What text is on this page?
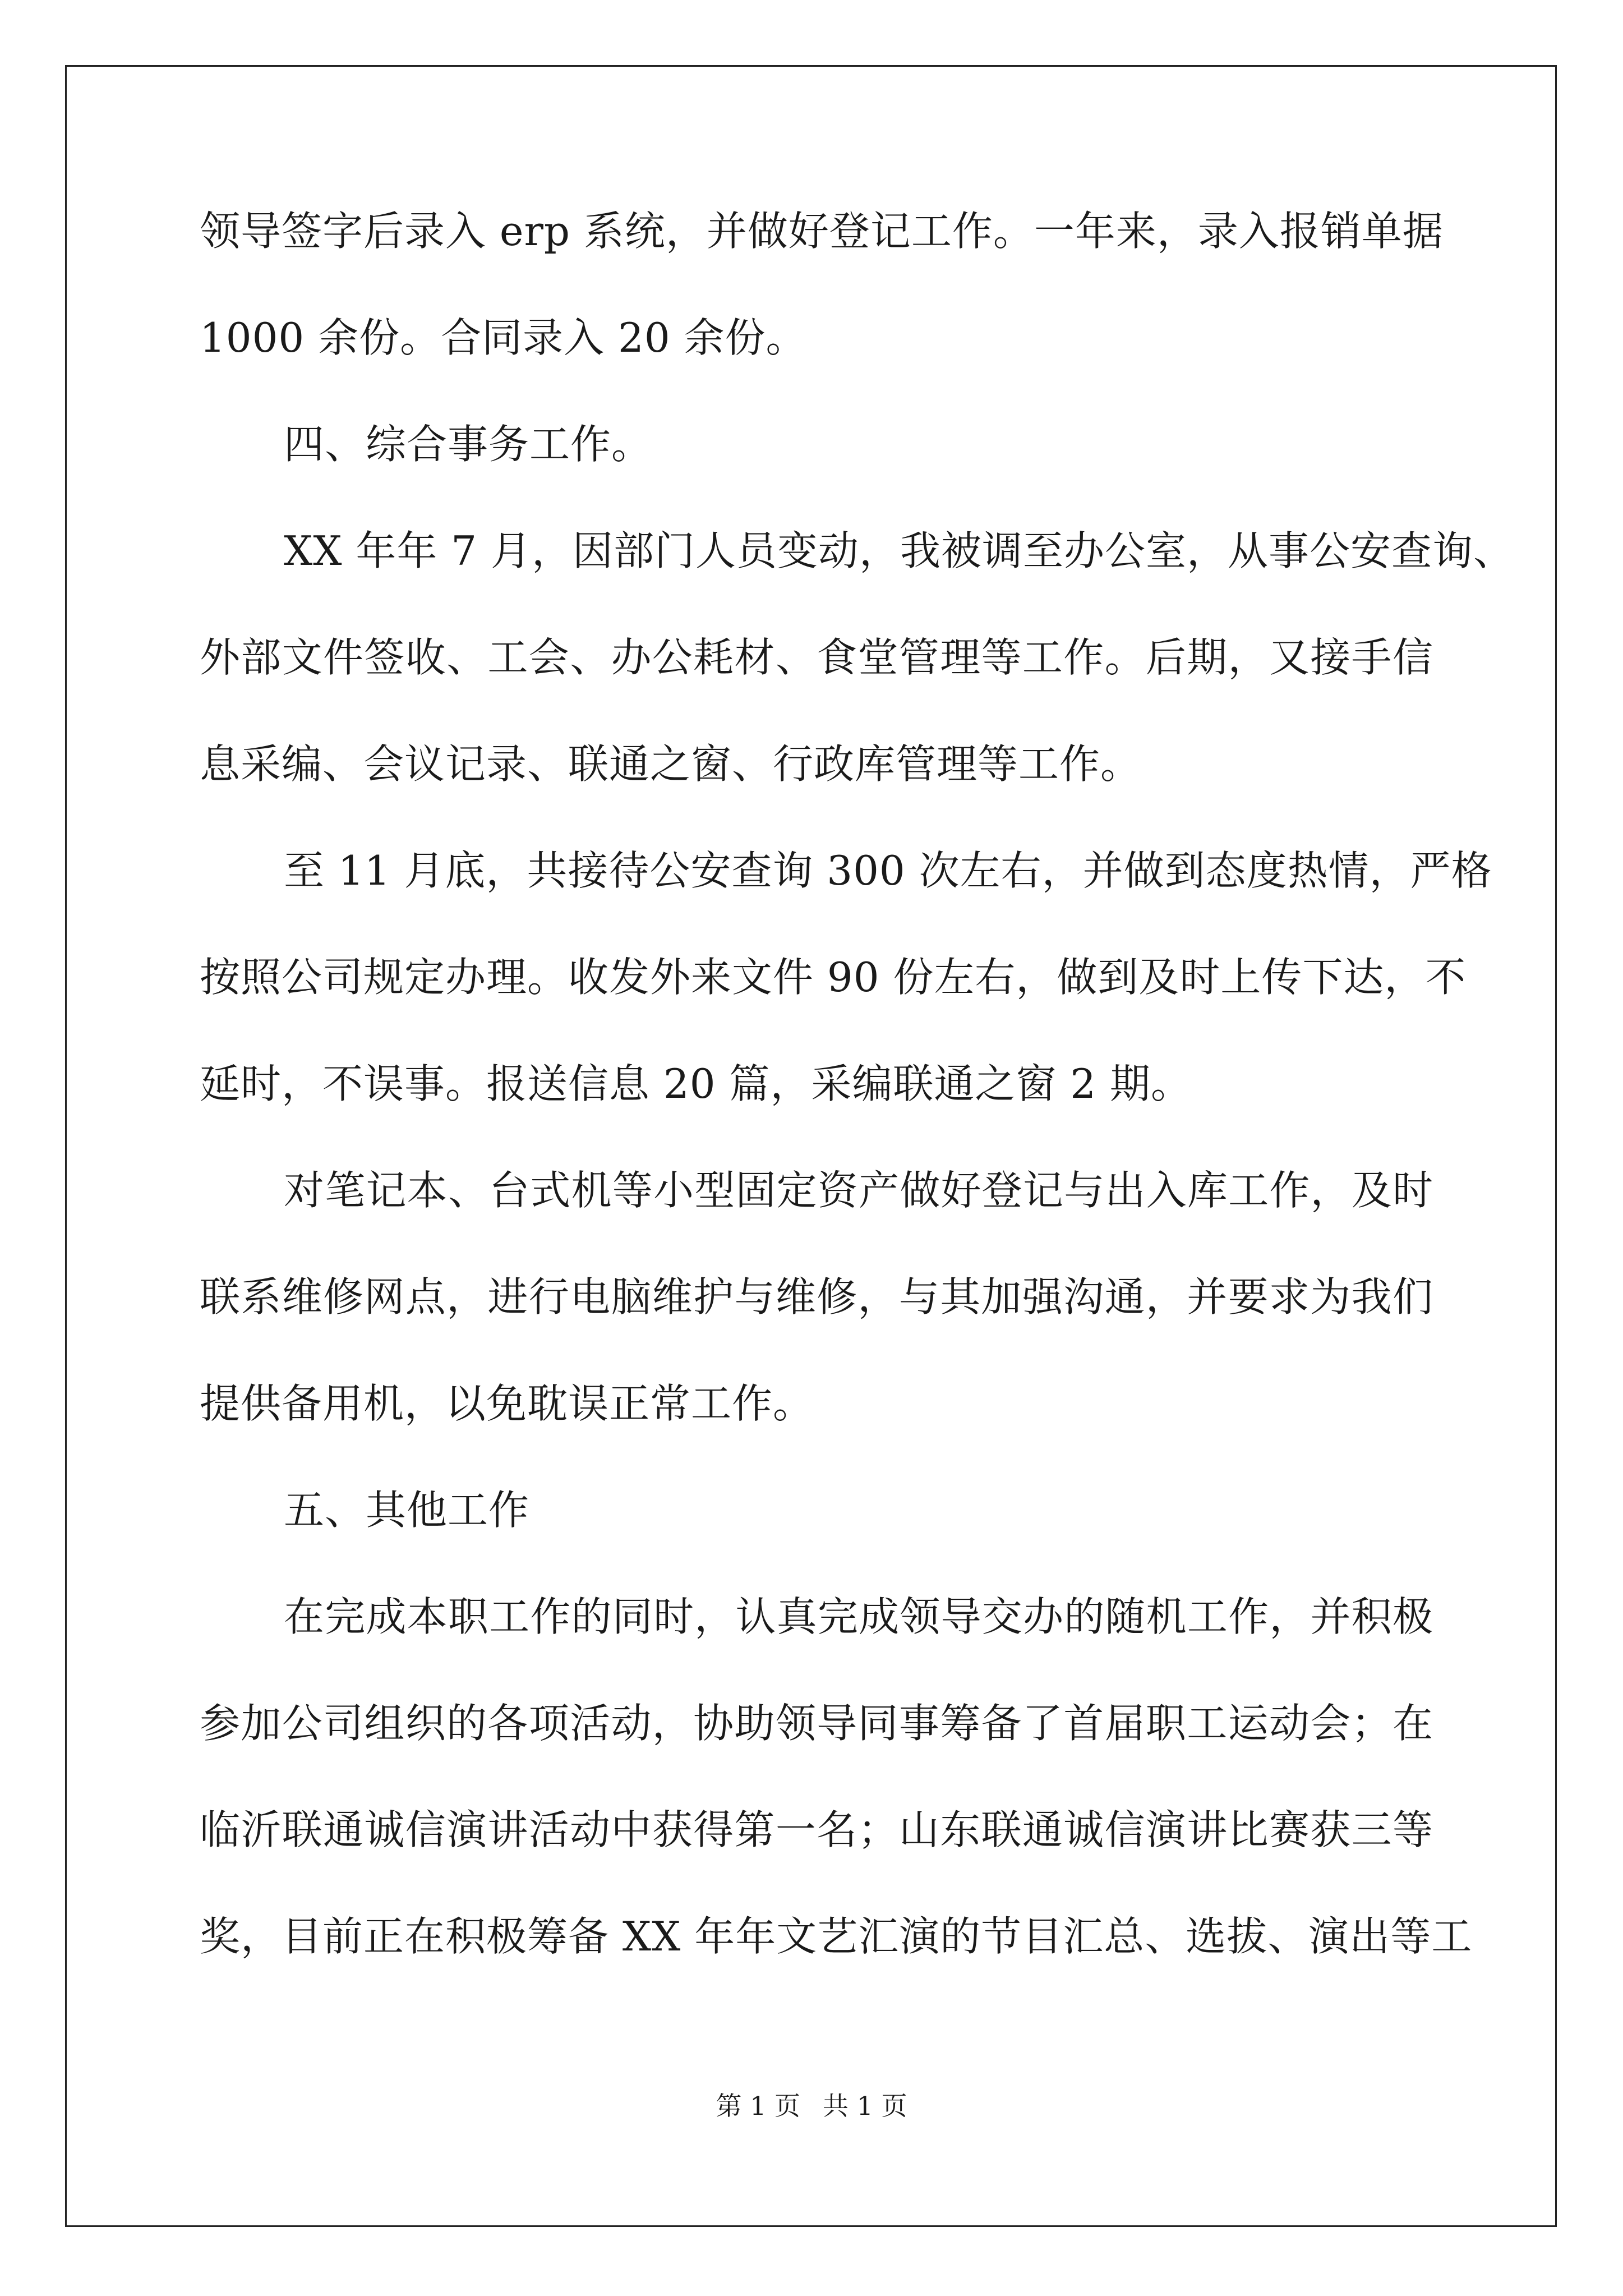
领导签字后录入 erp 系统，并做好登记工作。一年来，录入报销单据
1000 余份。合同录入 20 余份。
四、综合事务工作。
XX 年年 7 月，因部门人员变动，我被调至办公室，从事公安查询、
外部文件签收、工会、办公耗材、食堂管理等工作。后期，又接手信
息采编、会议记录、联通之窗、行政库管理等工作。
至 11 月底，共接待公安查询 300 次左右，并做到态度热情，严格
按照公司规定办理。收发外来文件 90 份左右，做到及时上传下达，不
延时，不误事。报送信息 20 篇，采编联通之窗 2 期。
对笔记本、台式机等小型固定资产做好登记与出入库工作，及时
联系维修网点，进行电脑维护与维修，与其加强沟通，并要求为我们
提供备用机，以免耽误正常工作。
五、其他工作
在完成本职工作的同时，认真完成领导交办的随机工作，并积极
参加公司组织的各项活动，协助领导同事筹备了首届职工运动会；在
临沂联通诚信演讲活动中获得第一名；山东联通诚信演讲比赛获三等
奖，目前正在积极筹备 XX 年年文艺汇演的节目汇总、选拔、演出等工
第 1 页 共 1 页
